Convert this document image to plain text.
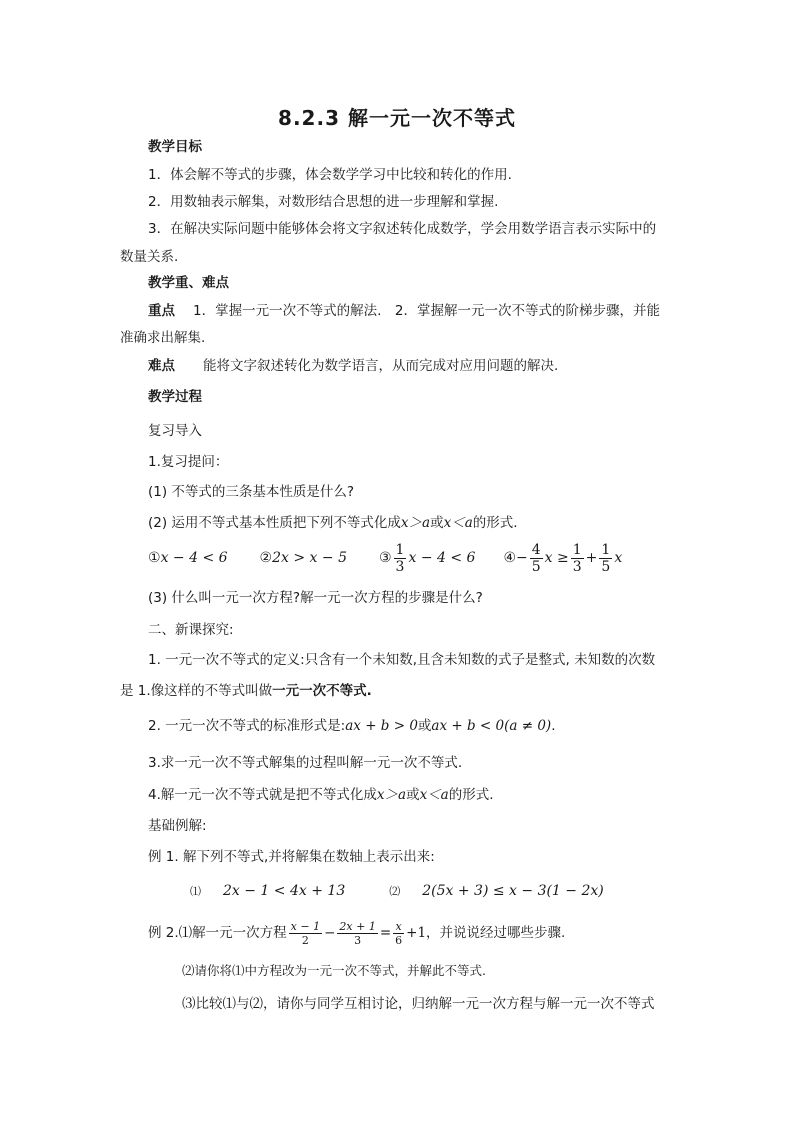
8.2.3 解一元一次不等式
教学目标
1．体会解不等式的步骤，体会数学学习中比较和转化的作用.
2．用数轴表示解集，对数形结合思想的进一步理解和掌握.
3．在解决实际问题中能够体会将文字叙述转化成数学，学会用数学语言表示实际中的
数量关系.
教学重、难点
重点 1．掌握一元一次不等式的解法.　2．掌握解一元一次不等式的阶梯步骤，并能
准确求出解集.
难点 能将文字叙述转化为数学语言，从而完成对应用问题的解决.
教学过程
复习导入
1.复习提问：
(1) 不等式的三条基本性质是什么?
(2) 运用不等式基本性质把下列不等式化成x＞a或x＜a的形式.
①x − 4 < 6 ②2x > x − 5 ③ $\frac{1}{3}$ x − 4 < 6 ④− $\frac{4}{5}$ $x \ge \frac{1}{3} + \frac{1}{5}$ x
(3) 什么叫一元一次方程?解一元一次方程的步骤是什么?
二、新课探究:
1. 一元一次不等式的定义:只含有一个未知数,且含未知数的式子是整式, 未知数的次数
是 1.像这样的不等式叫做一元一次不等式.
2. 一元一次不等式的标准形式是:ax + b > 0或ax + b < 0(a ≠ 0).
3.求一元一次不等式解集的过程叫解一元一次不等式.
4.解一元一次不等式就是把不等式化成x＞a或x＜a的形式.
基础例解:
例 1. 解下列不等式,并将解集在数轴上表示出来:
⑴ 2x − 1 < 4x + 13	⑵ 2(5x + 3) ≤ x − 3(1 − 2x)
例 2.⑴解一元一次方程 $\frac{x - 1}{2} - \frac{2x + 1}{3} = \frac{x}{6} +1$，并说说经过哪些步骤.
⑵请你将⑴中方程改为一元一次不等式，并解此不等式.
⑶比较⑴与⑵，请你与同学互相讨论，归纳解一元一次方程与解一元一次不等式
